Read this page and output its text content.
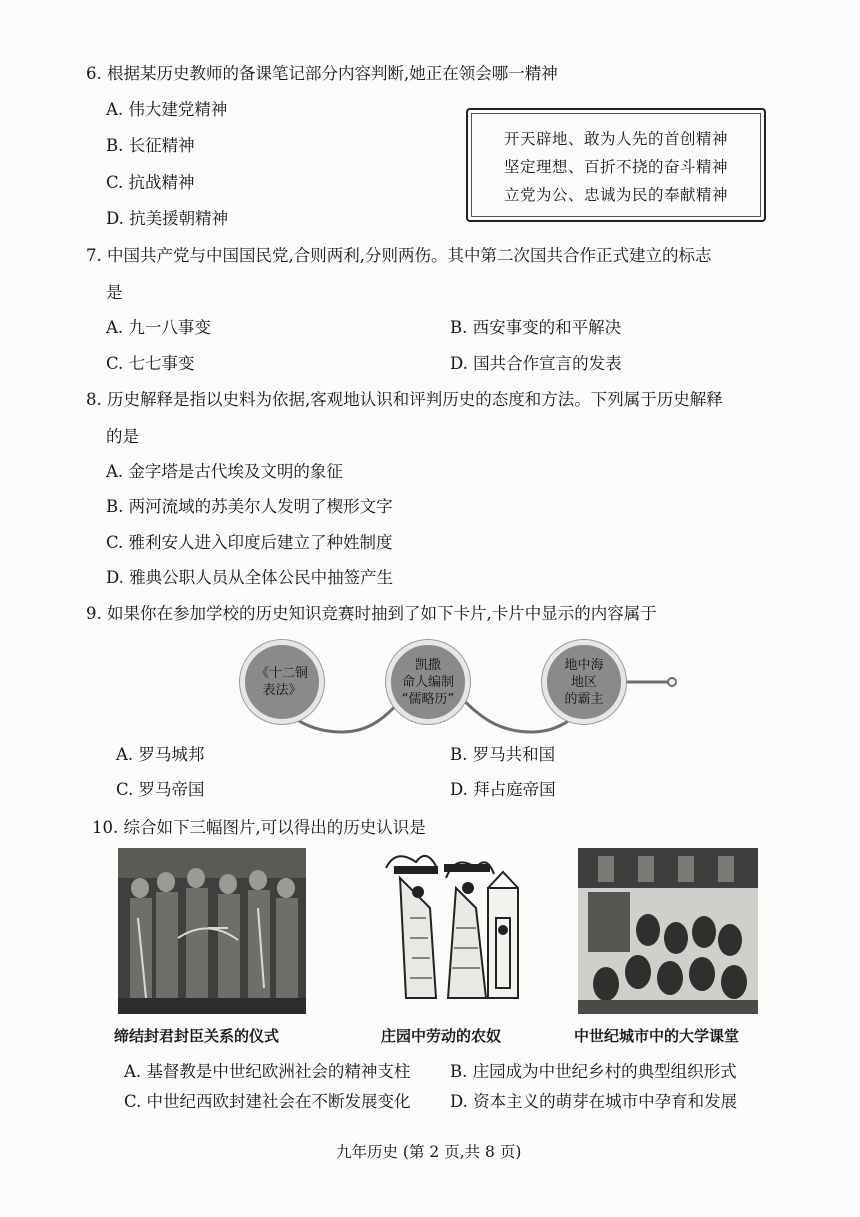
6. 根据某历史教师的备课笔记部分内容判断,她正在领会哪一精神
A. 伟大建党精神
B. 长征精神
C. 抗战精神
D. 抗美援朝精神
开天辟地、敢为人先的首创精神
坚定理想、百折不挠的奋斗精神
立党为公、忠诚为民的奉献精神
7. 中国共产党与中国国民党,合则两利,分则两伤。其中第二次国共合作正式建立的标志
是
A. 九一八事变	B. 西安事变的和平解决
C. 七七事变	D. 国共合作宣言的发表
8. 历史解释是指以史料为依据,客观地认识和评判历史的态度和方法。下列属于历史解释
的是
A. 金字塔是古代埃及文明的象征
B. 两河流域的苏美尔人发明了楔形文字
C. 雅利安人进入印度后建立了种姓制度
D. 雅典公职人员从全体公民中抽签产生
9. 如果你在参加学校的历史知识竞赛时抽到了如下卡片,卡片中显示的内容属于
《十二铜
表法》
凯撒
命人编制
“儒略历”
地中海
地区
的霸主
A. 罗马城邦	B. 罗马共和国
C. 罗马帝国	D. 拜占庭帝国
10. 综合如下三幅图片,可以得出的历史认识是
缔结封君封臣关系的仪式	庄园中劳动的农奴	中世纪城市中的大学课堂
A. 基督教是中世纪欧洲社会的精神支柱 B. 庄园成为中世纪乡村的典型组织形式
C. 中世纪西欧封建社会在不断发展变化 D. 资本主义的萌芽在城市中孕育和发展
九年历史 (第 2 页,共 8 页)
